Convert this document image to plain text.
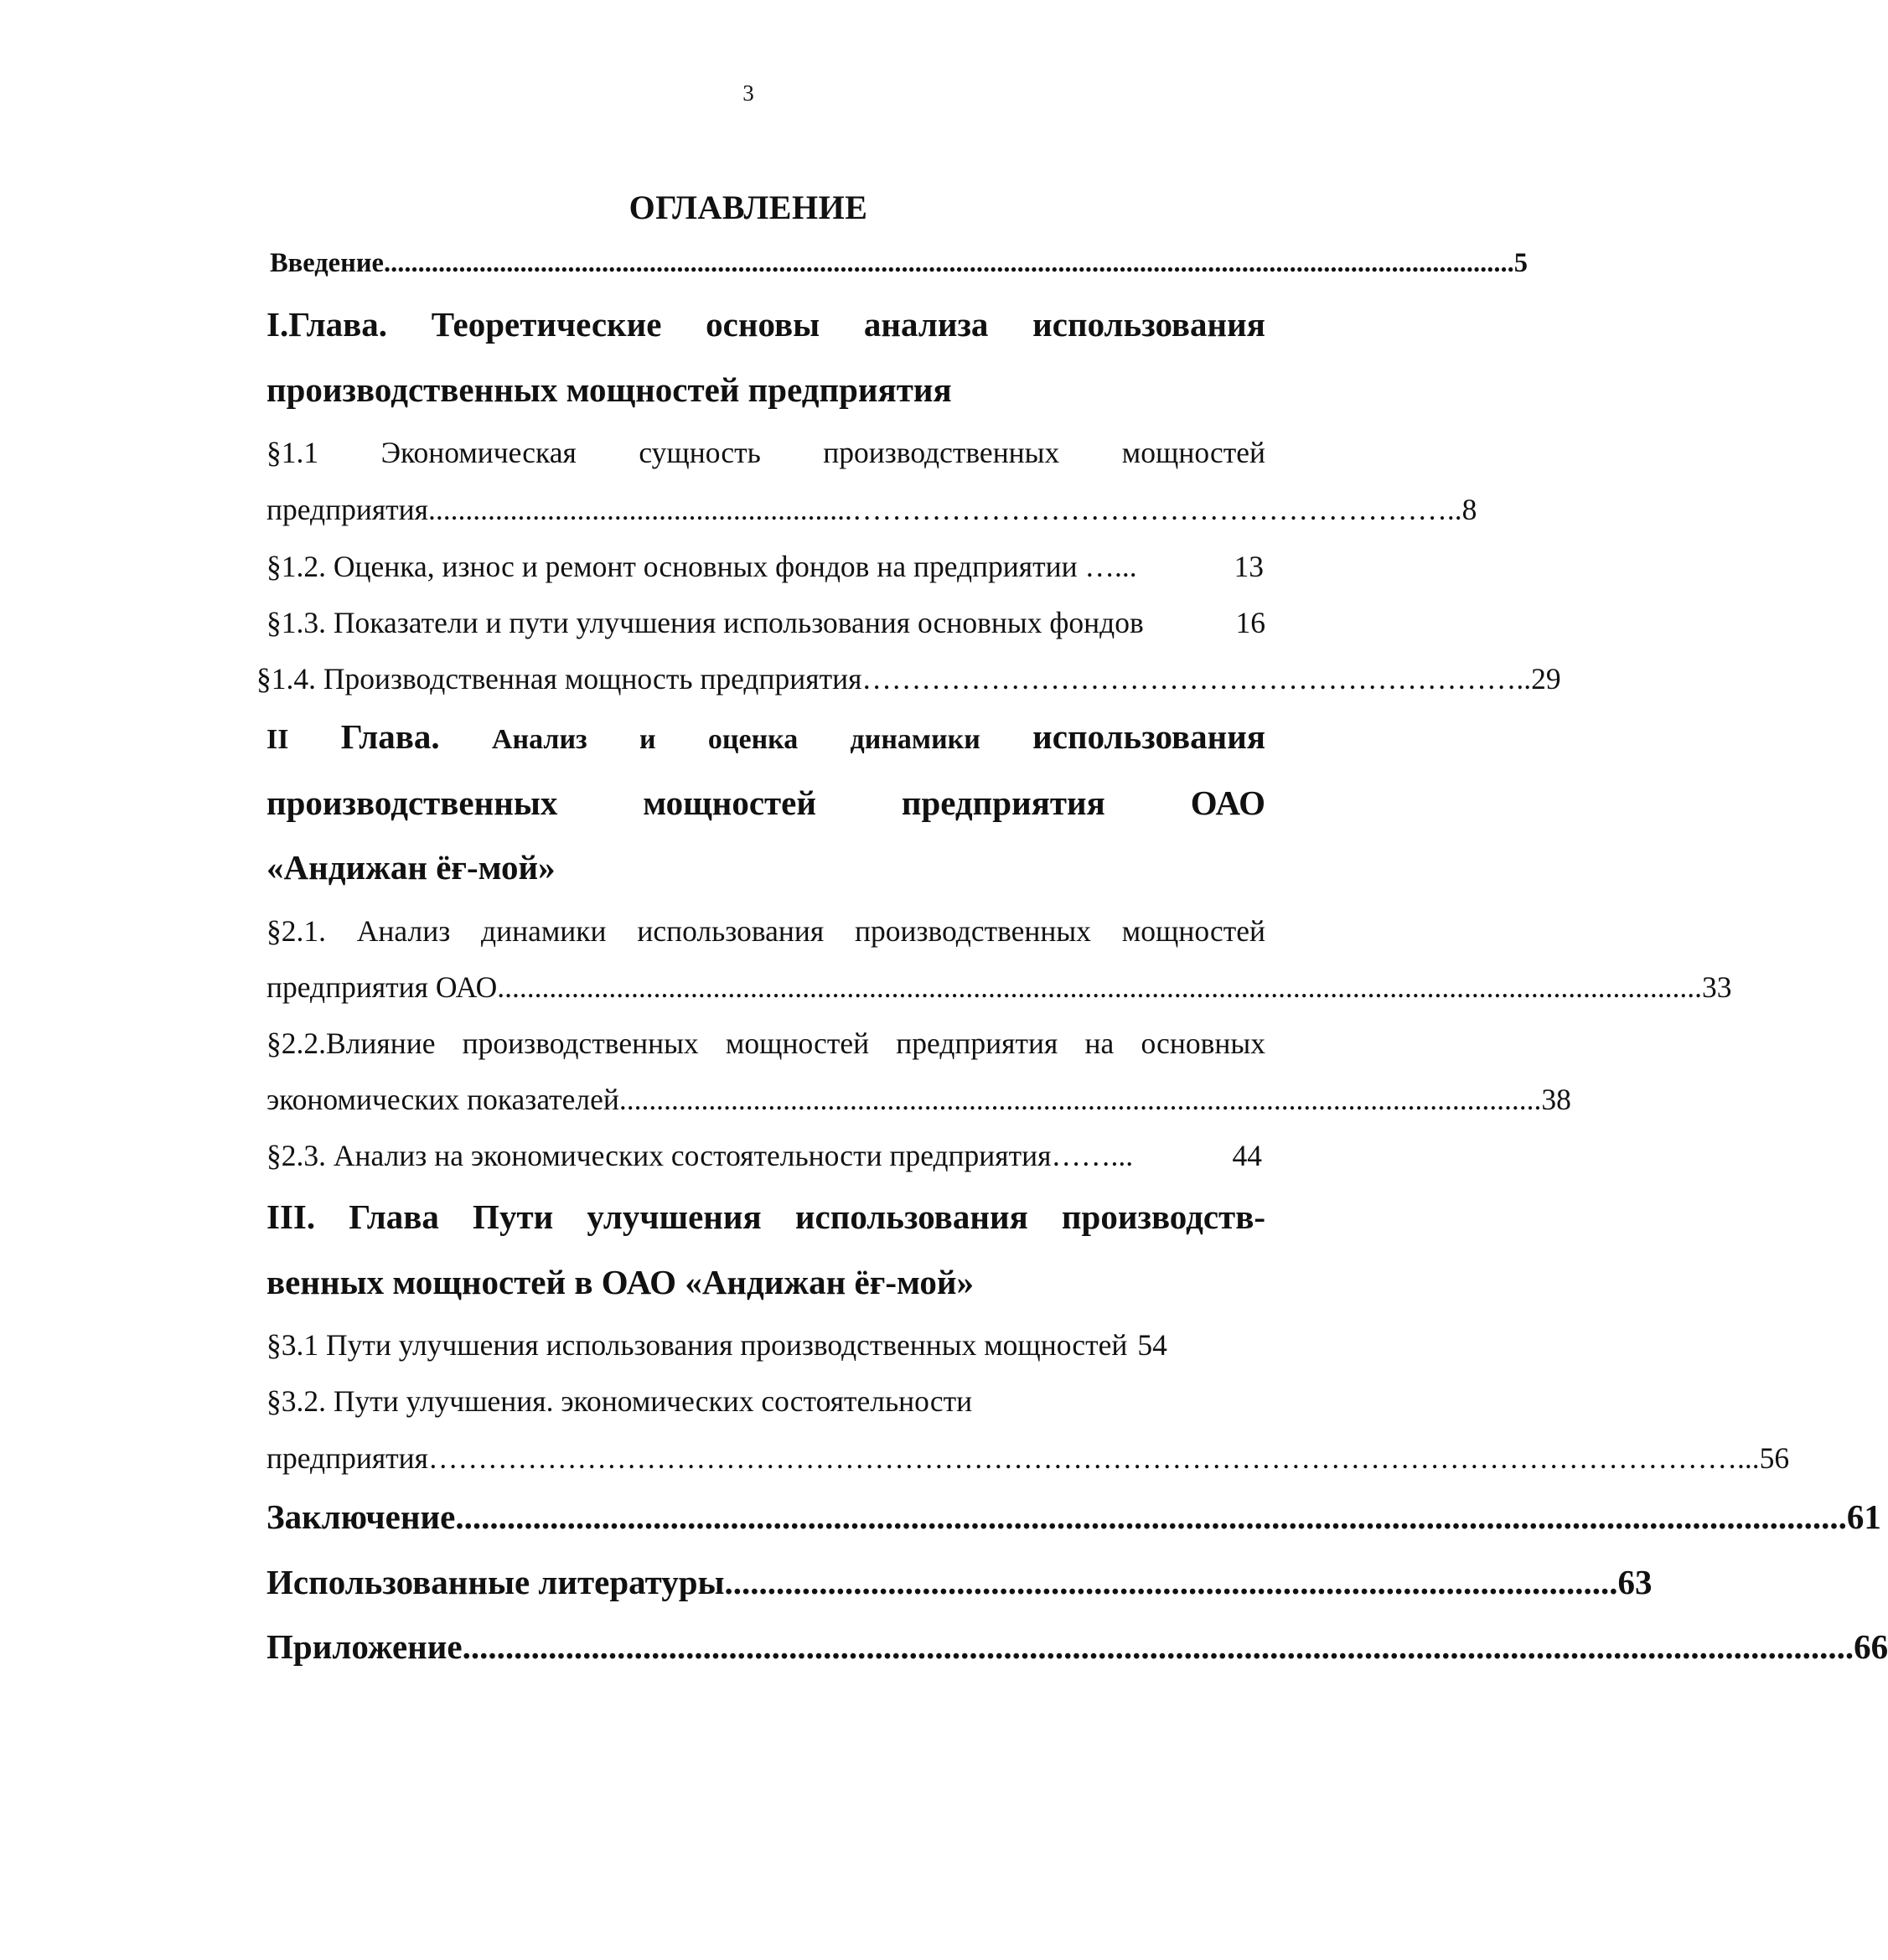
3
ОГЛАВЛЕНИЕ
Введение ...................................................................................................................................................................... 5
I.Глава. Теоретические основы анализа использования
производственных мощностей предприятия
§1.1 Экономическая сущность производственных мощностей
предприятия .........................................................…………………………………………………….. 8
§1.2. Оценка, износ и ремонт основных фондов на предприятии …...	13
§1.3. Показатели и пути улучшения использования основных фондов	16
§1.4. Производственная мощность предприятия ………………………………………………………….. 29
II Глава. Анализ и оценка динамики использования
производственных мощностей предприятия ОАО
«Андижан ёғ-мой»
§2.1. Анализ динамики использования производственных мощностей
предприятия ОАО .................................................................................................................................................................. 33
§2.2.Влияние производственных мощностей предприятия на основных
экономических показателей ............................................................................................................................ 38
§2.3. Анализ на экономических состоятельности предприятия……...	44
III. Глава Пути улучшения использования производств-
венных мощностей в ОАО «Андижан ёғ-мой»
§3.1 Пути улучшения использования производственных мощностей 54
§3.2. Пути улучшения. экономических состоятельности
предприятия ……………………………………………………………………………………………………………………... 56
Заключение .................................................................................................................................................................. 61
Использованные литературы ........................................................................................................ 63
Приложение .................................................................................................................................................................. 66
